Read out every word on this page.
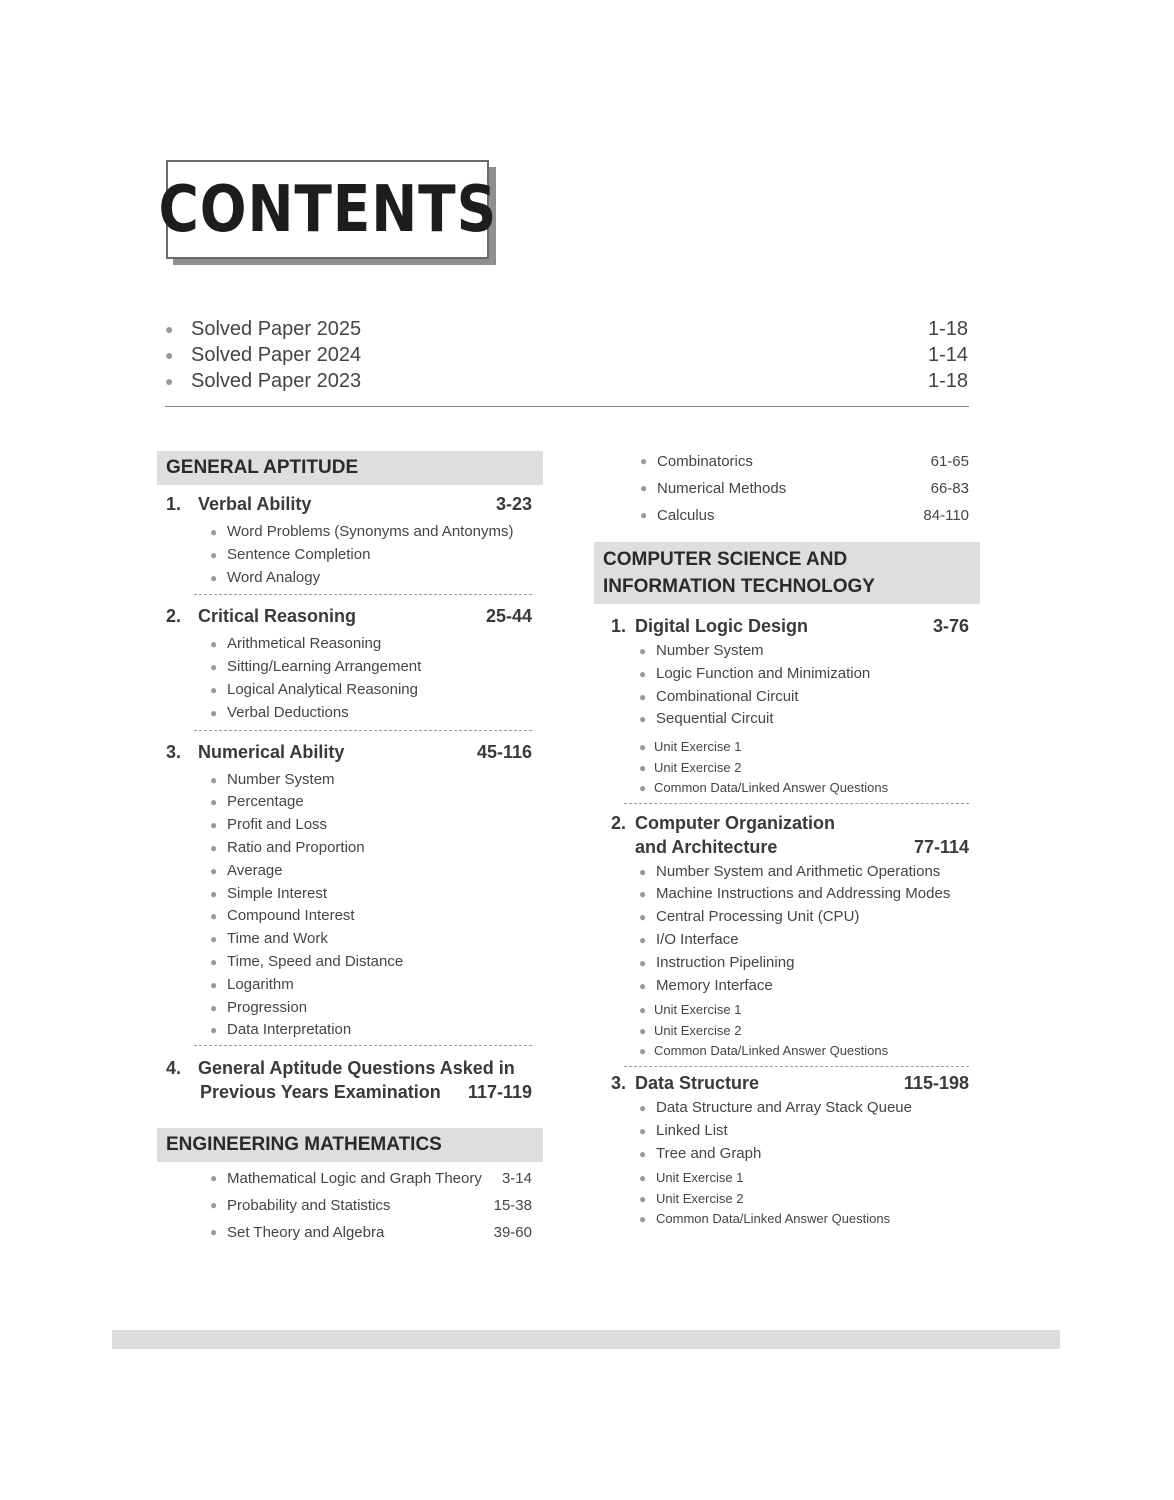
CONTENTS
● Solved Paper 2025	1-18
● Solved Paper 2024	1-14
● Solved Paper 2023	1-18
GENERAL APTITUDE
1. Verbal Ability	3-23
● Word Problems (Synonyms and Antonyms)
● Sentence Completion
● Word Analogy
2. Critical Reasoning	25-44
● Arithmetical Reasoning
● Sitting/Learning Arrangement
● Logical Analytical Reasoning
● Verbal Deductions
3. Numerical Ability	45-116
● Number System
● Percentage
● Profit and Loss
● Ratio and Proportion
● Average
● Simple Interest
● Compound Interest
● Time and Work
● Time, Speed and Distance
● Logarithm
● Progression
● Data Interpretation
4. General Aptitude Questions Asked in
Previous Years Examination	117-119
ENGINEERING MATHEMATICS
● Mathematical Logic and Graph Theory	3-14
● Probability and Statistics	15-38
● Set Theory and Algebra	39-60
● Combinatorics	61-65
● Numerical Methods	66-83
● Calculus	84-110
COMPUTER SCIENCE AND
INFORMATION TECHNOLOGY
1. Digital Logic Design	3-76
● Number System
● Logic Function and Minimization
● Combinational Circuit
● Sequential Circuit
● Unit Exercise 1
● Unit Exercise 2
● Common Data/Linked Answer Questions
2. Computer Organization
and Architecture	77-114
● Number System and Arithmetic Operations
● Machine Instructions and Addressing Modes
● Central Processing Unit (CPU)
● I/O Interface
● Instruction Pipelining
● Memory Interface
● Unit Exercise 1
● Unit Exercise 2
● Common Data/Linked Answer Questions
3. Data Structure	115-198
● Data Structure and Array Stack Queue
● Linked List
● Tree and Graph
● Unit Exercise 1
● Unit Exercise 2
● Common Data/Linked Answer Questions
